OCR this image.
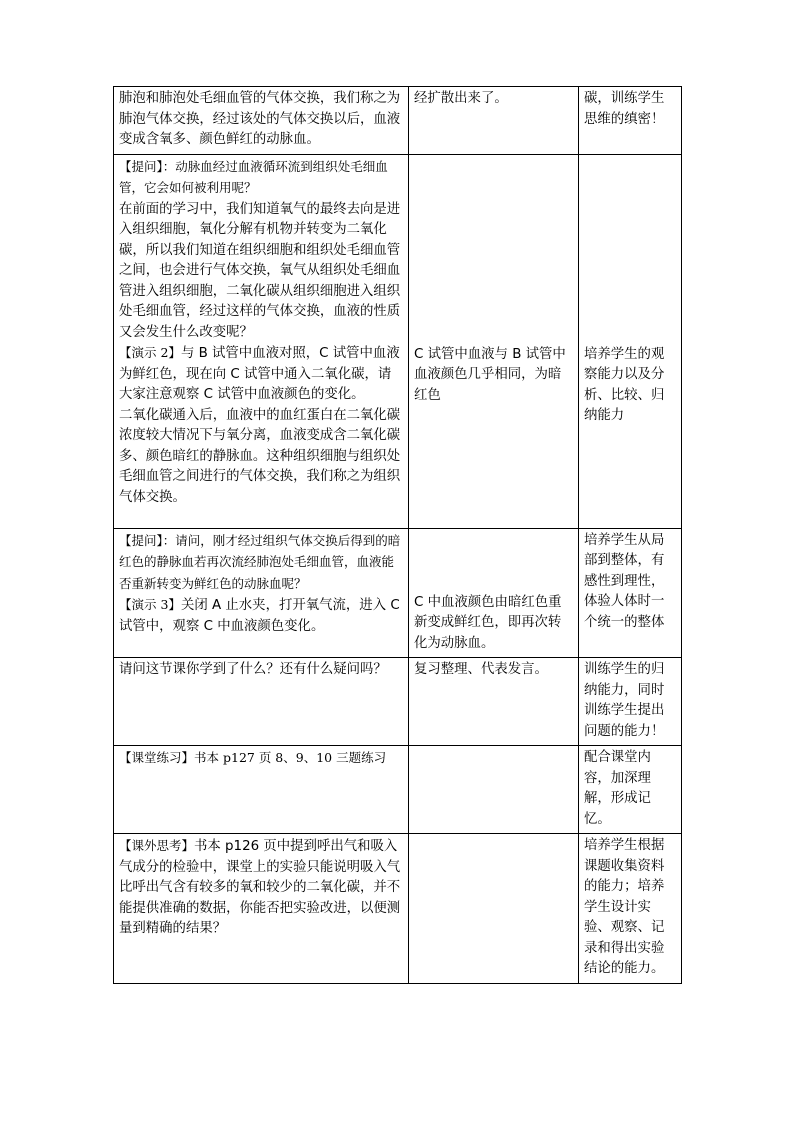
肺泡和肺泡处毛细血管的气体交换，我们称之为肺泡气体交换，经过该处的气体交换以后，血液变成含氧多、颜色鲜红的动脉血。	经扩散出来了。	碳，训练学生思维的缜密！

【提问】：动脉血经过血液循环流到组织处毛细血管，它会如何被利用呢？
在前面的学习中，我们知道氧气的最终去向是进入组织细胞，氧化分解有机物并转变为二氧化碳，所以我们知道在组织细胞和组织处毛细血管之间，也会进行气体交换，氧气从组织处毛细血管进入组织细胞，二氧化碳从组织细胞进入组织处毛细血管，经过这样的气体交换，血液的性质又会发生什么改变呢？
【演示 2】与 B 试管中血液对照，C 试管中血液为鲜红色，现在向 C 试管中通入二氧化碳，请大家注意观察 C 试管中血液颜色的变化。
二氧化碳通入后，血液中的血红蛋白在二氧化碳浓度较大情况下与氧分离，血液变成含二氧化碳多、颜色暗红的静脉血。这种组织细胞与组织处毛细血管之间进行的气体交换，我们称之为组织气体交换。	C 试管中血液与 B 试管中血液颜色几乎相同，为暗红色	培养学生的观察能力以及分析、比较、归纳能力

【提问】：请问，刚才经过组织气体交换后得到的暗红色的静脉血若再次流经肺泡处毛细血管，血液能否重新转变为鲜红色的动脉血呢？
【演示 3】关闭 A 止水夹，打开氧气流，进入 C 试管中，观察 C 中血液颜色变化。	C 中血液颜色由暗红色重新变成鲜红色，即再次转化为动脉血。	培养学生从局部到整体，有感性到理性，体验人体时一个统一的整体

请问这节课你学到了什么？还有什么疑问吗？	复习整理、代表发言。	训练学生的归纳能力，同时训练学生提出问题的能力！

【课堂练习】书本 p127 页 8、9、10 三题练习		配合课堂内容，加深理解，形成记忆。

【课外思考】书本 p126 页中提到呼出气和吸入气成分的检验中，课堂上的实验只能说明吸入气比呼出气含有较多的氧和较少的二氧化碳，并不能提供准确的数据，你能否把实验改进，以便测量到精确的结果？		培养学生根据课题收集资料的能力；培养学生设计实验、观察、记录和得出实验结论的能力。
